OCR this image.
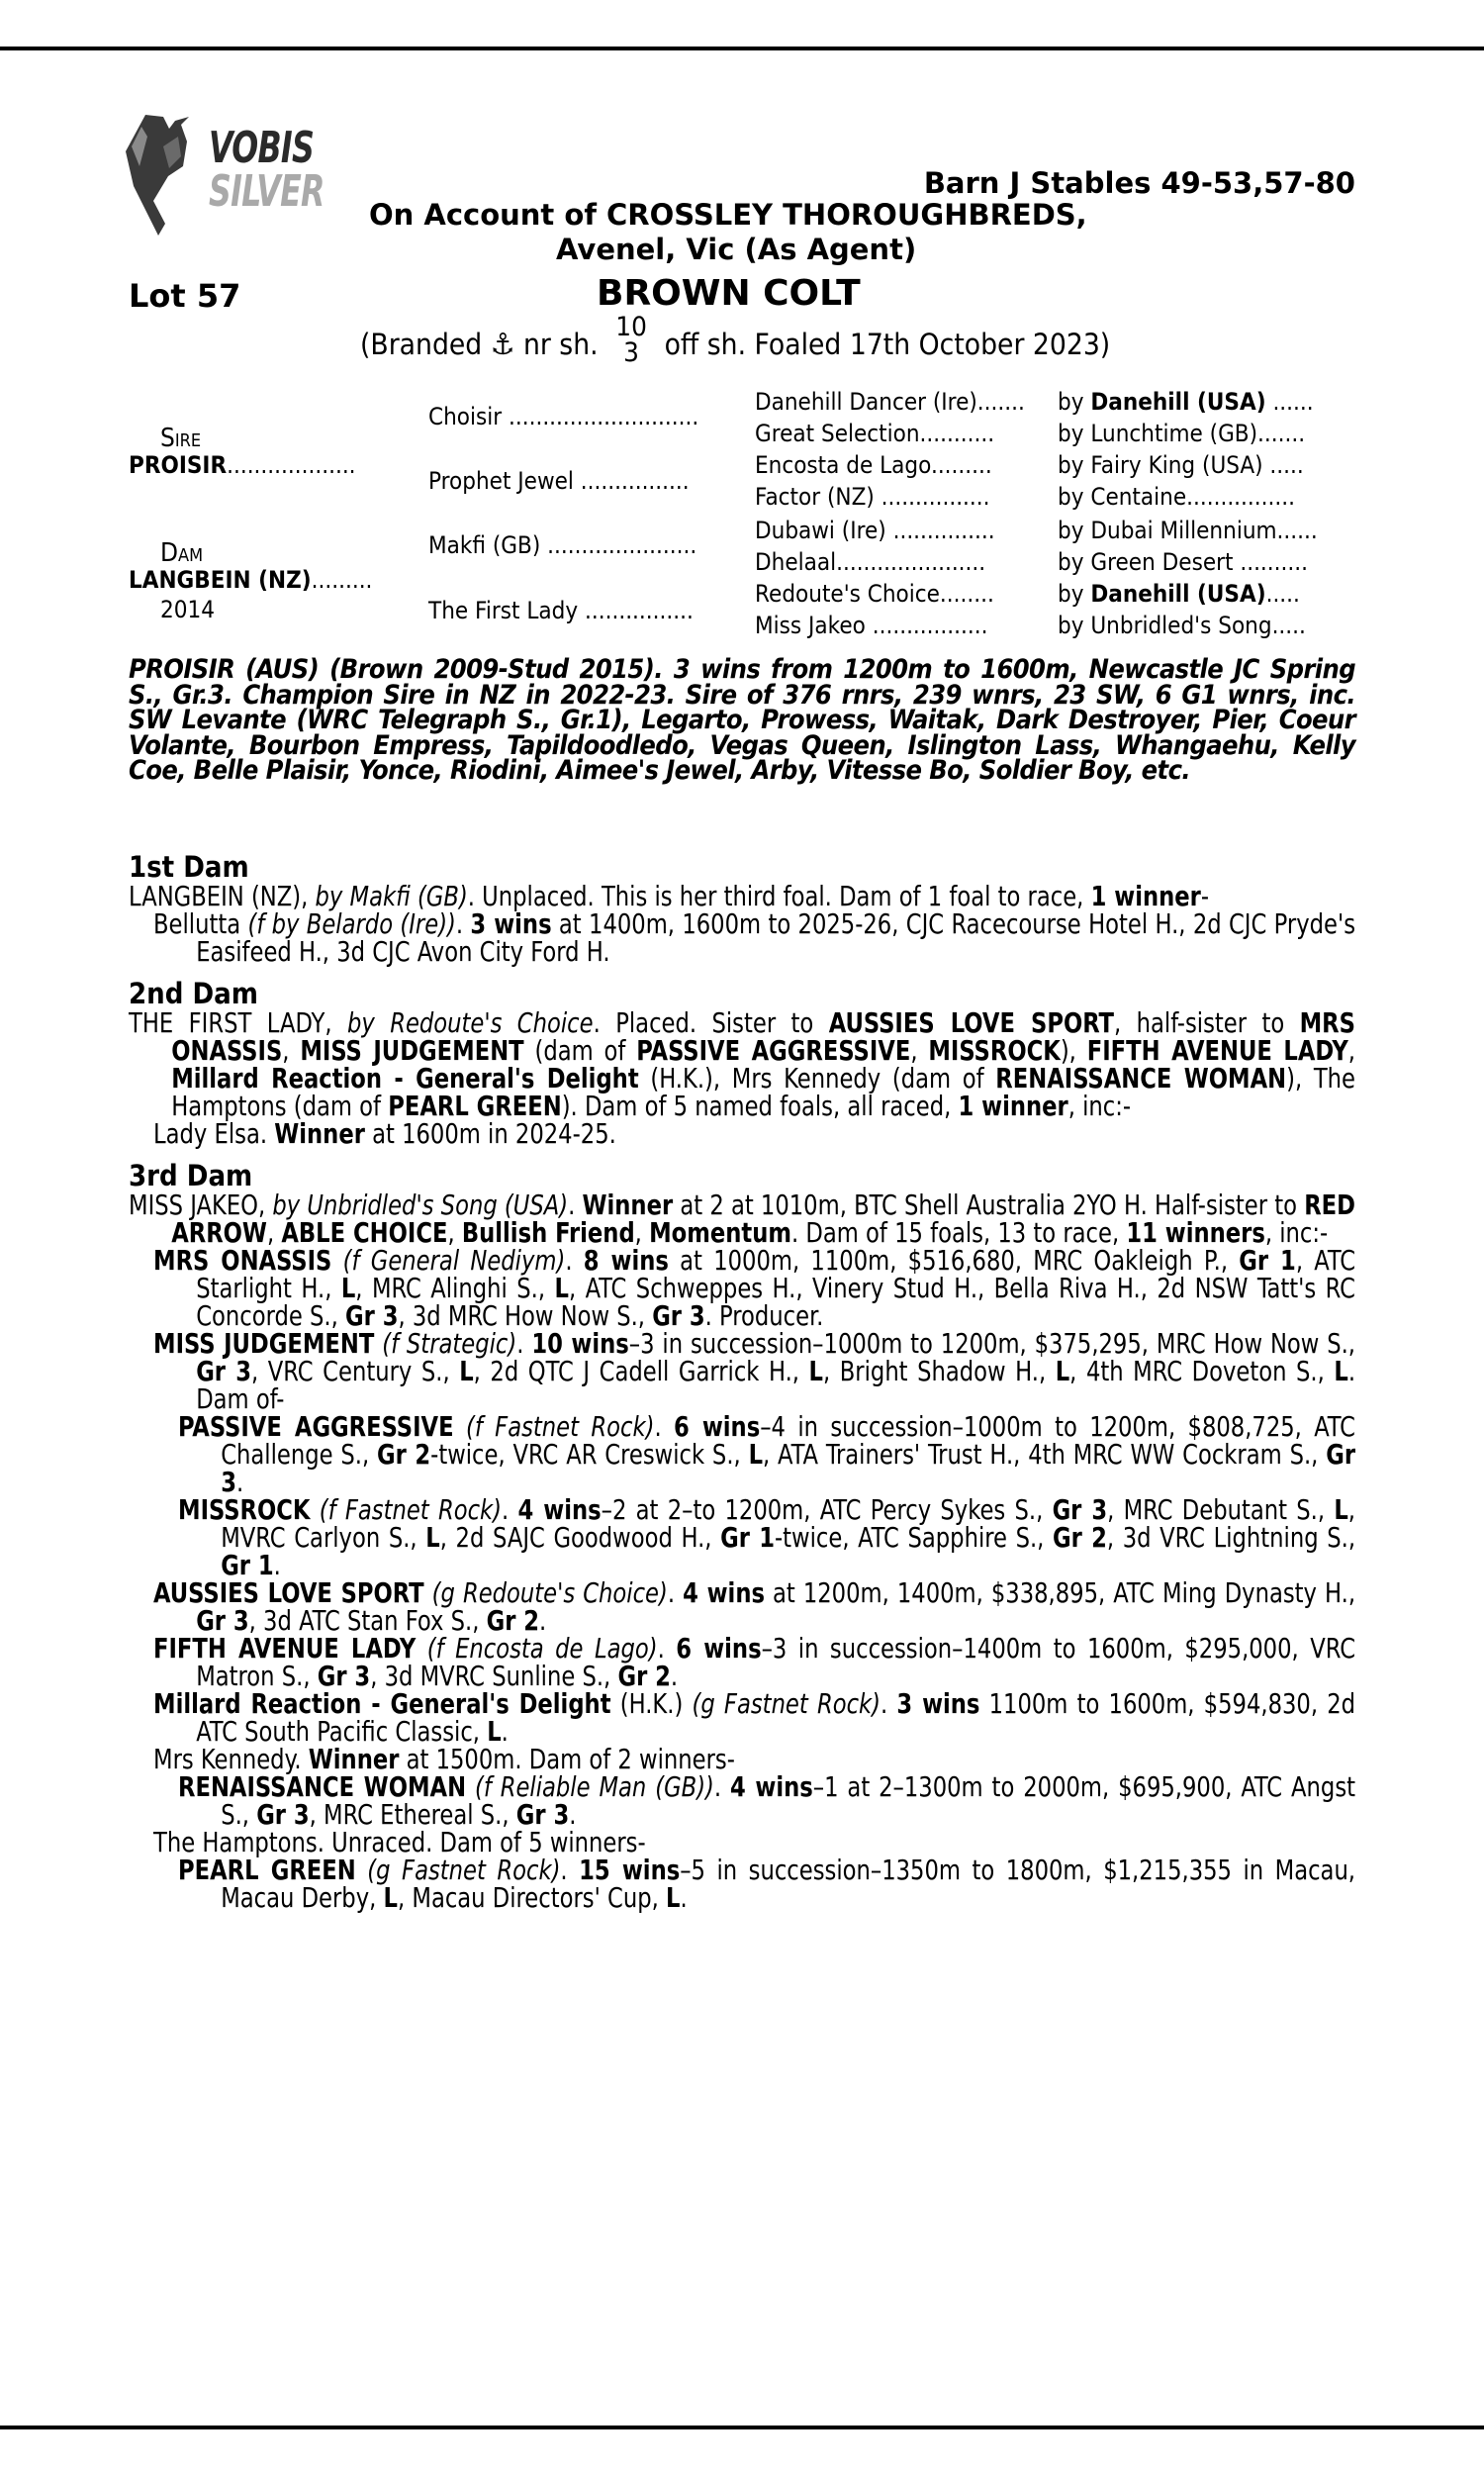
VOBIS
SILVER	Barn J Stables 49-53,57-80
On Account of CROSSLEY THOROUGHBREDS,
Avenel, Vic (As Agent)
Lot 57	BROWN COLT
(Branded ⚓ nr sh.
10
3 off sh. Foaled 17th October 2023)
Sire
PROISIR...................
Dam
LANGBEIN (NZ).........
2014
Choisir ............................
Prophet Jewel ................
Makfi (GB) ......................
The First Lady ................
Danehill Dancer (Ire).......
Great Selection...........
Encosta de Lago.........
Factor (NZ) ................
Dubawi (Ire) ...............
Dhelaal......................
Redoute's Choice........
Miss Jakeo .................
by Danehill (USA) ......
by Lunchtime (GB).......
by Fairy King (USA) .....
by Centaine................
by Dubai Millennium......
by Green Desert ..........
by Danehill (USA).....
by Unbridled's Song.....
PROISIR (AUS) (Brown 2009-Stud 2015). 3 wins from 1200m to 1600m, Newcastle JC Spring S., Gr.3. Champion Sire in NZ in 2022-23. Sire of 376 rnrs, 239 wnrs, 23 SW, 6 G1 wnrs, inc. SW Levante (WRC Telegraph S., Gr.1), Legarto, Prowess, Waitak, Dark Destroyer, Pier, Coeur Volante, Bourbon Empress, Tapildoodledo, Vegas Queen, Islington Lass, Whangaehu, Kelly Coe, Belle Plaisir, Yonce, Riodini, Aimee's Jewel, Arby, Vitesse Bo, Soldier Boy, etc.
1st Dam
LANGBEIN (NZ), by Makfi (GB). Unplaced. This is her third foal. Dam of 1 foal to race, 1 winner-
Bellutta (f by Belardo (Ire)). 3 wins at 1400m, 1600m to 2025-26, CJC Racecourse Hotel H., 2d CJC Pryde's Easifeed H., 3d CJC Avon City Ford H.
2nd Dam
THE FIRST LADY, by Redoute's Choice. Placed. Sister to AUSSIES LOVE SPORT, half-sister to MRS ONASSIS, MISS JUDGEMENT (dam of PASSIVE AGGRESSIVE, MISSROCK), FIFTH AVENUE LADY, Millard Reaction - General's Delight (H.K.), Mrs Kennedy (dam of RENAISSANCE WOMAN), The Hamptons (dam of PEARL GREEN). Dam of 5 named foals, all raced, 1 winner, inc:-
Lady Elsa. Winner at 1600m in 2024-25.
3rd Dam
MISS JAKEO, by Unbridled's Song (USA). Winner at 2 at 1010m, BTC Shell Australia 2YO H. Half-sister to RED ARROW, ABLE CHOICE, Bullish Friend, Momentum. Dam of 15 foals, 13 to race, 11 winners, inc:-
MRS ONASSIS (f General Nediym). 8 wins at 1000m, 1100m, $516,680, MRC Oakleigh P., Gr 1, ATC Starlight H., L, MRC Alinghi S., L, ATC Schweppes H., Vinery Stud H., Bella Riva H., 2d NSW Tatt's RC Concorde S., Gr 3, 3d MRC How Now S., Gr 3. Producer.
MISS JUDGEMENT (f Strategic). 10 wins–3 in succession–1000m to 1200m, $375,295, MRC How Now S., Gr 3, VRC Century S., L, 2d QTC J Cadell Garrick H., L, Bright Shadow H., L, 4th MRC Doveton S., L. Dam of-
PASSIVE AGGRESSIVE (f Fastnet Rock). 6 wins–4 in succession–1000m to 1200m, $808,725, ATC Challenge S., Gr 2-twice, VRC AR Creswick S., L, ATA Trainers' Trust H., 4th MRC WW Cockram S., Gr 3.
MISSROCK (f Fastnet Rock). 4 wins–2 at 2–to 1200m, ATC Percy Sykes S., Gr 3, MRC Debutant S., L, MVRC Carlyon S., L, 2d SAJC Goodwood H., Gr 1-twice, ATC Sapphire S., Gr 2, 3d VRC Lightning S., Gr 1.
AUSSIES LOVE SPORT (g Redoute's Choice). 4 wins at 1200m, 1400m, $338,895, ATC Ming Dynasty H., Gr 3, 3d ATC Stan Fox S., Gr 2.
FIFTH AVENUE LADY (f Encosta de Lago). 6 wins–3 in succession–1400m to 1600m, $295,000, VRC Matron S., Gr 3, 3d MVRC Sunline S., Gr 2.
Millard Reaction - General's Delight (H.K.) (g Fastnet Rock). 3 wins 1100m to 1600m, $594,830, 2d ATC South Pacific Classic, L.
Mrs Kennedy. Winner at 1500m. Dam of 2 winners-
RENAISSANCE WOMAN (f Reliable Man (GB)). 4 wins–1 at 2–1300m to 2000m, $695,900, ATC Angst S., Gr 3, MRC Ethereal S., Gr 3.
The Hamptons. Unraced. Dam of 5 winners-
PEARL GREEN (g Fastnet Rock). 15 wins–5 in succession–1350m to 1800m, $1,215,355 in Macau, Macau Derby, L, Macau Directors' Cup, L.
